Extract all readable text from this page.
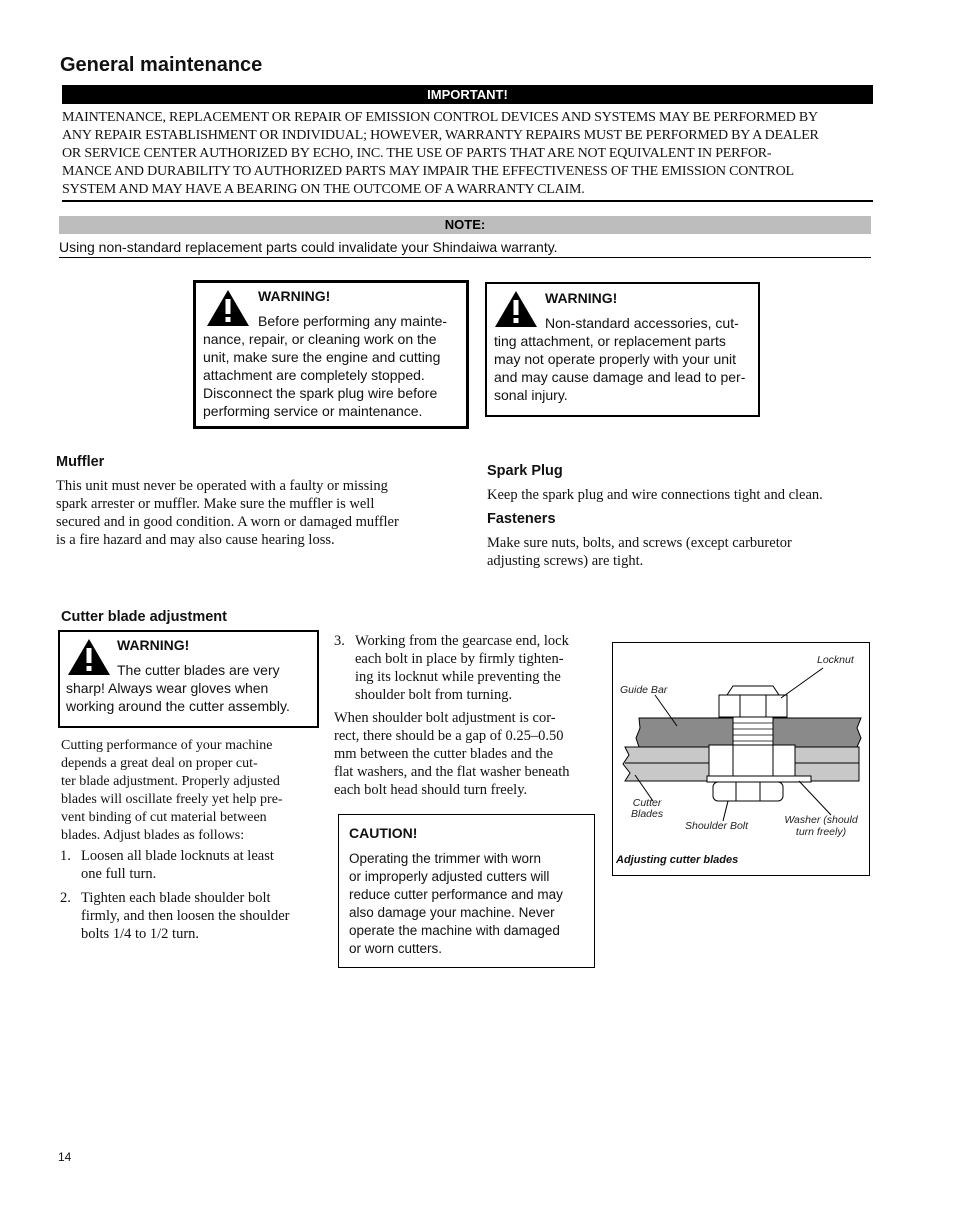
General maintenance
IMPORTANT!
MAINTENANCE, REPLACEMENT OR REPAIR OF EMISSION CONTROL DEVICES AND SYSTEMS MAY BE PERFORMED BY
ANY REPAIR ESTABLISHMENT OR INDIVIDUAL; HOWEVER, WARRANTY REPAIRS MUST BE PERFORMED BY A DEALER
OR SERVICE CENTER AUTHORIZED BY ECHO, INC. THE USE OF PARTS THAT ARE NOT EQUIVALENT IN PERFOR-
MANCE AND DURABILITY TO AUTHORIZED PARTS MAY IMPAIR THE EFFECTIVENESS OF THE EMISSION CONTROL
SYSTEM AND MAY HAVE A BEARING ON THE OUTCOME OF A WARRANTY CLAIM.
NOTE:
Using non-standard replacement parts could invalidate your Shindaiwa warranty.
WARNING!
Before performing any mainte-
nance, repair, or cleaning work on the
unit, make sure the engine and cutting
attachment are completely stopped.
Disconnect the spark plug wire before
performing service or maintenance.
WARNING!
Non-standard accessories, cut-
ting attachment, or replacement parts
may not operate properly with your unit
and may cause damage and lead to per-
sonal injury.
Muffler
This unit must never be operated with a faulty or missing
spark arrester or muffler. Make sure the muffler is well
secured and in good condition. A worn or damaged muffler
is a fire hazard and may also cause hearing loss.
Spark Plug
Keep the spark plug and wire connections tight and clean.
Fasteners
Make sure nuts, bolts, and screws (except carburetor
adjusting screws) are tight.
Cutter blade adjustment
WARNING!
The cutter blades are very
sharp! Always wear gloves when
working around the cutter assembly.
Cutting performance of your machine
depends a great deal on proper cut-
ter blade adjustment. Properly adjusted
blades will oscillate freely yet help pre-
vent binding of cut material between
blades. Adjust blades as follows:
1. Loosen all blade locknuts at least
one full turn.
2. Tighten each blade shoulder bolt
firmly, and then loosen the shoulder
bolts 1/4 to 1/2 turn.
3. Working from the gearcase end, lock
each bolt in place by firmly tighten-
ing its locknut while preventing the
shoulder bolt from turning.
When shoulder bolt adjustment is cor-
rect, there should be a gap of 0.25–0.50
mm between the cutter blades and the
flat washers, and the flat washer beneath
each bolt head should turn freely.
CAUTION!
Operating the trimmer with worn
or improperly adjusted cutters will
reduce cutter performance and may
also damage your machine. Never
operate the machine with damaged
or worn cutters.
Locknut
Guide Bar
Cutter
Blades
Shoulder Bolt	Washer (should
turn freely)
Adjusting cutter blades
14
